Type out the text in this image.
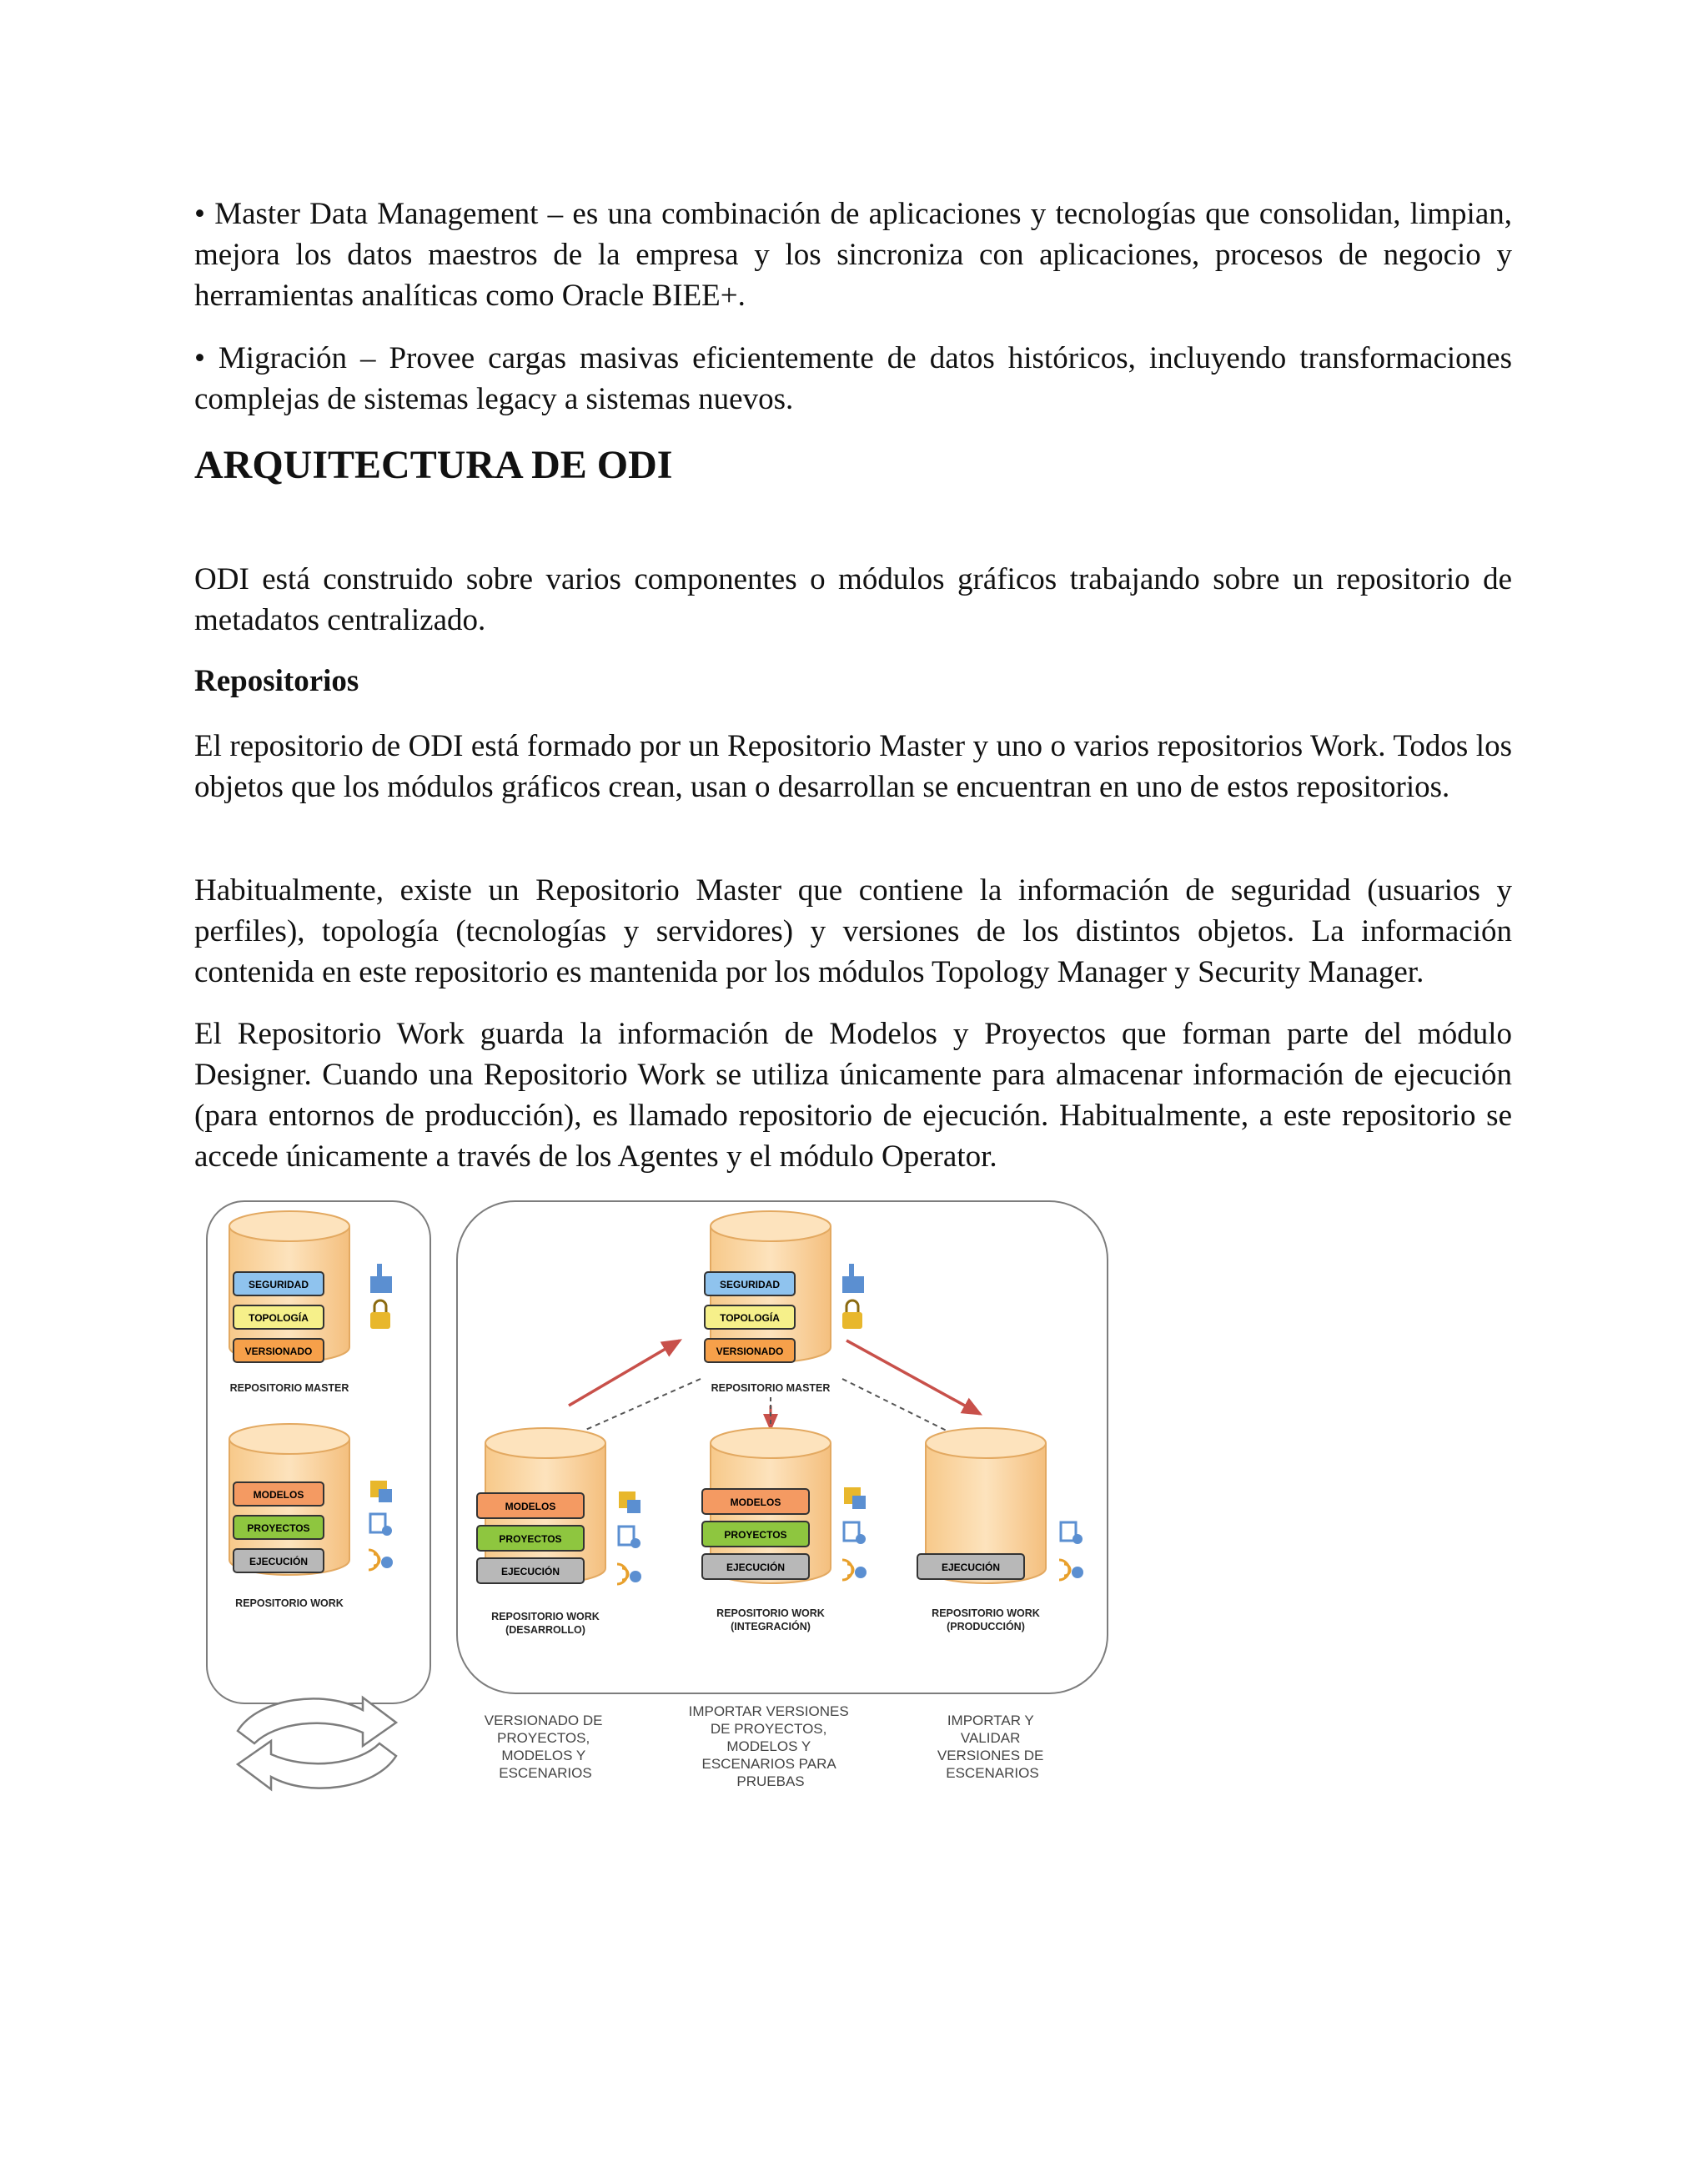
• Master Data Management – es una combinación de aplicaciones y tecnologías que consolidan, limpian, mejora los datos maestros de la empresa y los sincroniza con aplicaciones, procesos de negocio y herramientas analíticas como Oracle BIEE+.

• Migración – Provee cargas masivas eficientemente de datos históricos, incluyendo transformaciones complejas de sistemas legacy a sistemas nuevos.

ARQUITECTURA DE ODI

ODI está construido sobre varios componentes o módulos gráficos trabajando sobre un repositorio de metadatos centralizado.

Repositorios

El repositorio de ODI está formado por un Repositorio Master y uno o varios repositorios Work. Todos los objetos que los módulos gráficos crean, usan o desarrollan se encuentran en uno de estos repositorios.

Habitualmente, existe un Repositorio Master que contiene la información de seguridad (usuarios y perfiles), topología (tecnologías y servidores) y versiones de los distintos objetos. La información contenida en este repositorio es mantenida por los módulos Topology Manager y Security Manager.

El Repositorio Work guarda la información de Modelos y Proyectos que forman parte del módulo Designer. Cuando una Repositorio Work se utiliza únicamente para almacenar información de ejecución (para entornos de producción), es llamado repositorio de ejecución. Habitualmente, a este repositorio se accede únicamente a través de los Agentes y el módulo Operator.

SEGURIDAD
TOPOLOGÍA
VERSIONADO
REPOSITORIO MASTER
MODELOS
PROYECTOS
EJECUCIÓN
REPOSITORIO WORK
SEGURIDAD
TOPOLOGÍA
VERSIONADO
REPOSITORIO MASTER
MODELOS
PROYECTOS
EJECUCIÓN
REPOSITORIO WORK
(DESARROLLO)
MODELOS
PROYECTOS
EJECUCIÓN
REPOSITORIO WORK
(INTEGRACIÓN)
EJECUCIÓN
REPOSITORIO WORK
(PRODUCCIÓN)
VERSIONADO DE PROYECTOS, MODELOS Y ESCENARIOS
IMPORTAR VERSIONES DE PROYECTOS, MODELOS Y ESCENARIOS PARA PRUEBAS
IMPORTAR Y VALIDAR VERSIONES DE ESCENARIOS
